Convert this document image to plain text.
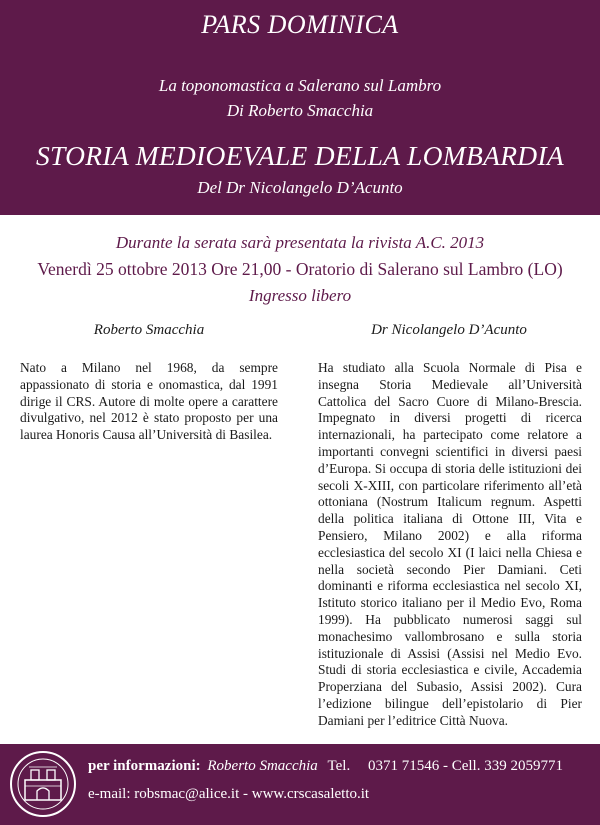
PARS DOMINICA
La toponomastica a Salerano sul Lambro
Di Roberto Smacchia
STORIA MEDIOEVALE DELLA LOMBARDIA
Del Dr Nicolangelo D’Acunto
Durante la serata sarà presentata la rivista A.C. 2013
Venerdì 25 ottobre 2013 Ore 21,00 - Oratorio di Salerano sul Lambro (LO)
Ingresso libero
Roberto Smacchia
Nato a Milano nel 1968, da sempre appassionato di storia e onomastica, dal 1991 dirige il CRS. Autore di molte opere a carattere divulgativo, nel 2012 è stato proposto per una laurea Honoris Causa all’Università di Basilea.
Dr Nicolangelo D’Acunto
Ha studiato alla Scuola Normale di Pisa e insegna Storia Medievale all’Università Cattolica del Sacro Cuore di Milano-Brescia. Impegnato in diversi progetti di ricerca internazionali, ha partecipato come relatore a importanti convegni scientifici in diversi paesi d’Europa. Si occupa di storia delle istituzioni dei secoli X-XIII, con particolare riferimento all’età ottoniana (Nostrum Italicum regnum. Aspetti della politica italiana di Ottone III, Vita e Pensiero, Milano 2002) e alla riforma ecclesiastica del secolo XI (I laici nella Chiesa e nella società secondo Pier Damiani. Ceti dominanti e riforma ecclesiastica nel secolo XI, Istituto storico italiano per il Medio Evo, Roma 1999). Ha pubblicato numerosi saggi sul monachesimo vallombrosano e sulla storia istituzionale di Assisi (Assisi nel Medio Evo. Studi di storia ecclesiastica e civile, Accademia Properziana del Subasio, Assisi 2002). Cura l’edizione bilingue dell’epistolario di Pier Damiani per l’editrice Città Nuova.
per informazioni: Roberto Smacchia Tel. 0371 71546 - Cell. 339 2059771
e-mail: robsmac@alice.it - www.crscasaletto.it
